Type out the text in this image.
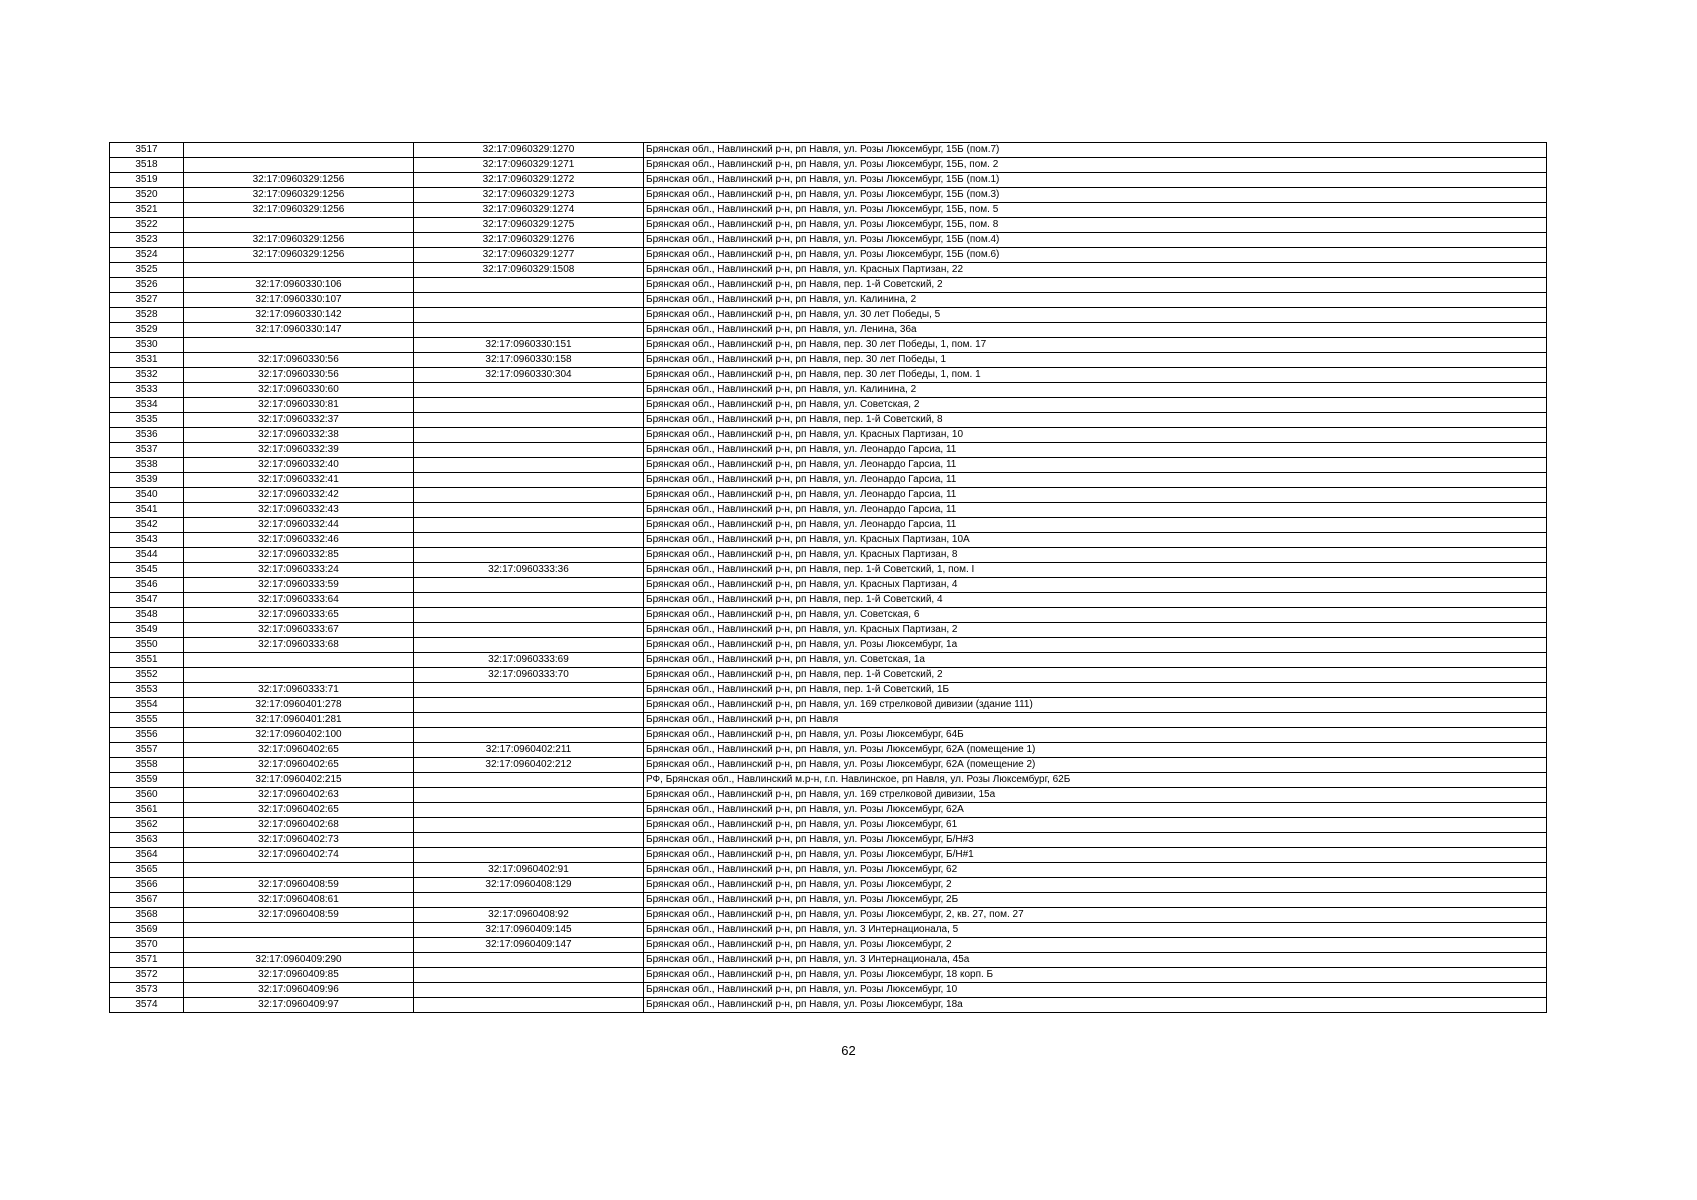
3517		32:17:0960329:1270	Брянская обл., Навлинский р-н, рп Навля, ул. Розы Люксембург, 15Б (пом.7)
3518		32:17:0960329:1271	Брянская обл., Навлинский р-н, рп Навля, ул. Розы Люксембург, 15Б, пом. 2
3519	32:17:0960329:1256	32:17:0960329:1272	Брянская обл., Навлинский р-н, рп Навля, ул. Розы Люксембург, 15Б (пом.1)
3520	32:17:0960329:1256	32:17:0960329:1273	Брянская обл., Навлинский р-н, рп Навля, ул. Розы Люксембург, 15Б (пом.3)
3521	32:17:0960329:1256	32:17:0960329:1274	Брянская обл., Навлинский р-н, рп Навля, ул. Розы Люксембург, 15Б, пом. 5
3522		32:17:0960329:1275	Брянская обл., Навлинский р-н, рп Навля, ул. Розы Люксембург, 15Б, пом. 8
3523	32:17:0960329:1256	32:17:0960329:1276	Брянская обл., Навлинский р-н, рп Навля, ул. Розы Люксембург, 15Б (пом.4)
3524	32:17:0960329:1256	32:17:0960329:1277	Брянская обл., Навлинский р-н, рп Навля, ул. Розы Люксембург, 15Б (пом.6)
3525		32:17:0960329:1508	Брянская обл., Навлинский р-н, рп Навля, ул. Красных Партизан, 22
3526	32:17:0960330:106		Брянская обл., Навлинский р-н, рп Навля, пер. 1-й Советский, 2
3527	32:17:0960330:107		Брянская обл., Навлинский р-н, рп Навля, ул. Калинина, 2
3528	32:17:0960330:142		Брянская обл., Навлинский р-н, рп Навля, ул. 30 лет Победы, 5
3529	32:17:0960330:147		Брянская обл., Навлинский р-н, рп Навля, ул. Ленина, 36а
3530		32:17:0960330:151	Брянская обл., Навлинский р-н, рп Навля, пер. 30 лет Победы, 1, пом. 17
3531	32:17:0960330:56	32:17:0960330:158	Брянская обл., Навлинский р-н, рп Навля, пер. 30 лет Победы, 1
3532	32:17:0960330:56	32:17:0960330:304	Брянская обл., Навлинский р-н, рп Навля, пер. 30 лет Победы, 1, пом. 1
3533	32:17:0960330:60		Брянская обл., Навлинский р-н, рп Навля, ул. Калинина, 2
3534	32:17:0960330:81		Брянская обл., Навлинский р-н, рп Навля, ул. Советская, 2
3535	32:17:0960332:37		Брянская обл., Навлинский р-н, рп Навля, пер. 1-й Советский, 8
3536	32:17:0960332:38		Брянская обл., Навлинский р-н, рп Навля, ул. Красных Партизан, 10
3537	32:17:0960332:39		Брянская обл., Навлинский р-н, рп Навля, ул. Леонардо Гарсиа, 11
3538	32:17:0960332:40		Брянская обл., Навлинский р-н, рп Навля, ул. Леонардо Гарсиа, 11
3539	32:17:0960332:41		Брянская обл., Навлинский р-н, рп Навля, ул. Леонардо Гарсиа, 11
3540	32:17:0960332:42		Брянская обл., Навлинский р-н, рп Навля, ул. Леонардо Гарсиа, 11
3541	32:17:0960332:43		Брянская обл., Навлинский р-н, рп Навля, ул. Леонардо Гарсиа, 11
3542	32:17:0960332:44		Брянская обл., Навлинский р-н, рп Навля, ул. Леонардо Гарсиа, 11
3543	32:17:0960332:46		Брянская обл., Навлинский р-н, рп Навля, ул. Красных Партизан, 10А
3544	32:17:0960332:85		Брянская обл., Навлинский р-н, рп Навля, ул. Красных Партизан, 8
3545	32:17:0960333:24	32:17:0960333:36	Брянская обл., Навлинский р-н, рп Навля, пер. 1-й Советский, 1, пом. I
3546	32:17:0960333:59		Брянская обл., Навлинский р-н, рп Навля, ул. Красных Партизан, 4
3547	32:17:0960333:64		Брянская обл., Навлинский р-н, рп Навля, пер. 1-й Советский, 4
3548	32:17:0960333:65		Брянская обл., Навлинский р-н, рп Навля, ул. Советская, 6
3549	32:17:0960333:67		Брянская обл., Навлинский р-н, рп Навля, ул. Красных Партизан, 2
3550	32:17:0960333:68		Брянская обл., Навлинский р-н, рп Навля, ул. Розы Люксембург, 1а
3551		32:17:0960333:69	Брянская обл., Навлинский р-н, рп Навля, ул. Советская, 1а
3552		32:17:0960333:70	Брянская обл., Навлинский р-н, рп Навля, пер. 1-й Советский, 2
3553	32:17:0960333:71		Брянская обл., Навлинский р-н, рп Навля, пер. 1-й Советский, 1Б
3554	32:17:0960401:278		Брянская обл., Навлинский р-н, рп Навля, ул. 169 стрелковой дивизии (здание 111)
3555	32:17:0960401:281		Брянская обл., Навлинский р-н, рп Навля
3556	32:17:0960402:100		Брянская обл., Навлинский р-н, рп Навля, ул. Розы Люксембург, 64Б
3557	32:17:0960402:65	32:17:0960402:211	Брянская обл., Навлинский р-н, рп Навля, ул. Розы Люксембург, 62А (помещение 1)
3558	32:17:0960402:65	32:17:0960402:212	Брянская обл., Навлинский р-н, рп Навля, ул. Розы Люксембург, 62А (помещение 2)
3559	32:17:0960402:215		РФ, Брянская обл., Навлинский м.р-н, г.п. Навлинское, рп Навля, ул. Розы Люксембург, 62Б
3560	32:17:0960402:63		Брянская обл., Навлинский р-н, рп Навля, ул. 169 стрелковой дивизии, 15а
3561	32:17:0960402:65		Брянская обл., Навлинский р-н, рп Навля, ул. Розы Люксембург, 62А
3562	32:17:0960402:68		Брянская обл., Навлинский р-н, рп Навля, ул. Розы Люксембург, 61
3563	32:17:0960402:73		Брянская обл., Навлинский р-н, рп Навля, ул. Розы Люксембург, Б/Н#3
3564	32:17:0960402:74		Брянская обл., Навлинский р-н, рп Навля, ул. Розы Люксембург, Б/Н#1
3565		32:17:0960402:91	Брянская обл., Навлинский р-н, рп Навля, ул. Розы Люксембург, 62
3566	32:17:0960408:59	32:17:0960408:129	Брянская обл., Навлинский р-н, рп Навля, ул. Розы Люксембург, 2
3567	32:17:0960408:61		Брянская обл., Навлинский р-н, рп Навля, ул. Розы Люксембург, 2Б
3568	32:17:0960408:59	32:17:0960408:92	Брянская обл., Навлинский р-н, рп Навля, ул. Розы Люксембург, 2, кв. 27, пом. 27
3569		32:17:0960409:145	Брянская обл., Навлинский р-н, рп Навля, ул. 3 Интернационала, 5
3570		32:17:0960409:147	Брянская обл., Навлинский р-н, рп Навля, ул. Розы Люксембург, 2
3571	32:17:0960409:290		Брянская обл., Навлинский р-н, рп Навля, ул. 3 Интернационала, 45а
3572	32:17:0960409:85		Брянская обл., Навлинский р-н, рп Навля, ул. Розы Люксембург, 18 корп. Б
3573	32:17:0960409:96		Брянская обл., Навлинский р-н, рп Навля, ул. Розы Люксембург, 10
3574	32:17:0960409:97		Брянская обл., Навлинский р-н, рп Навля, ул. Розы Люксембург, 18а
62
